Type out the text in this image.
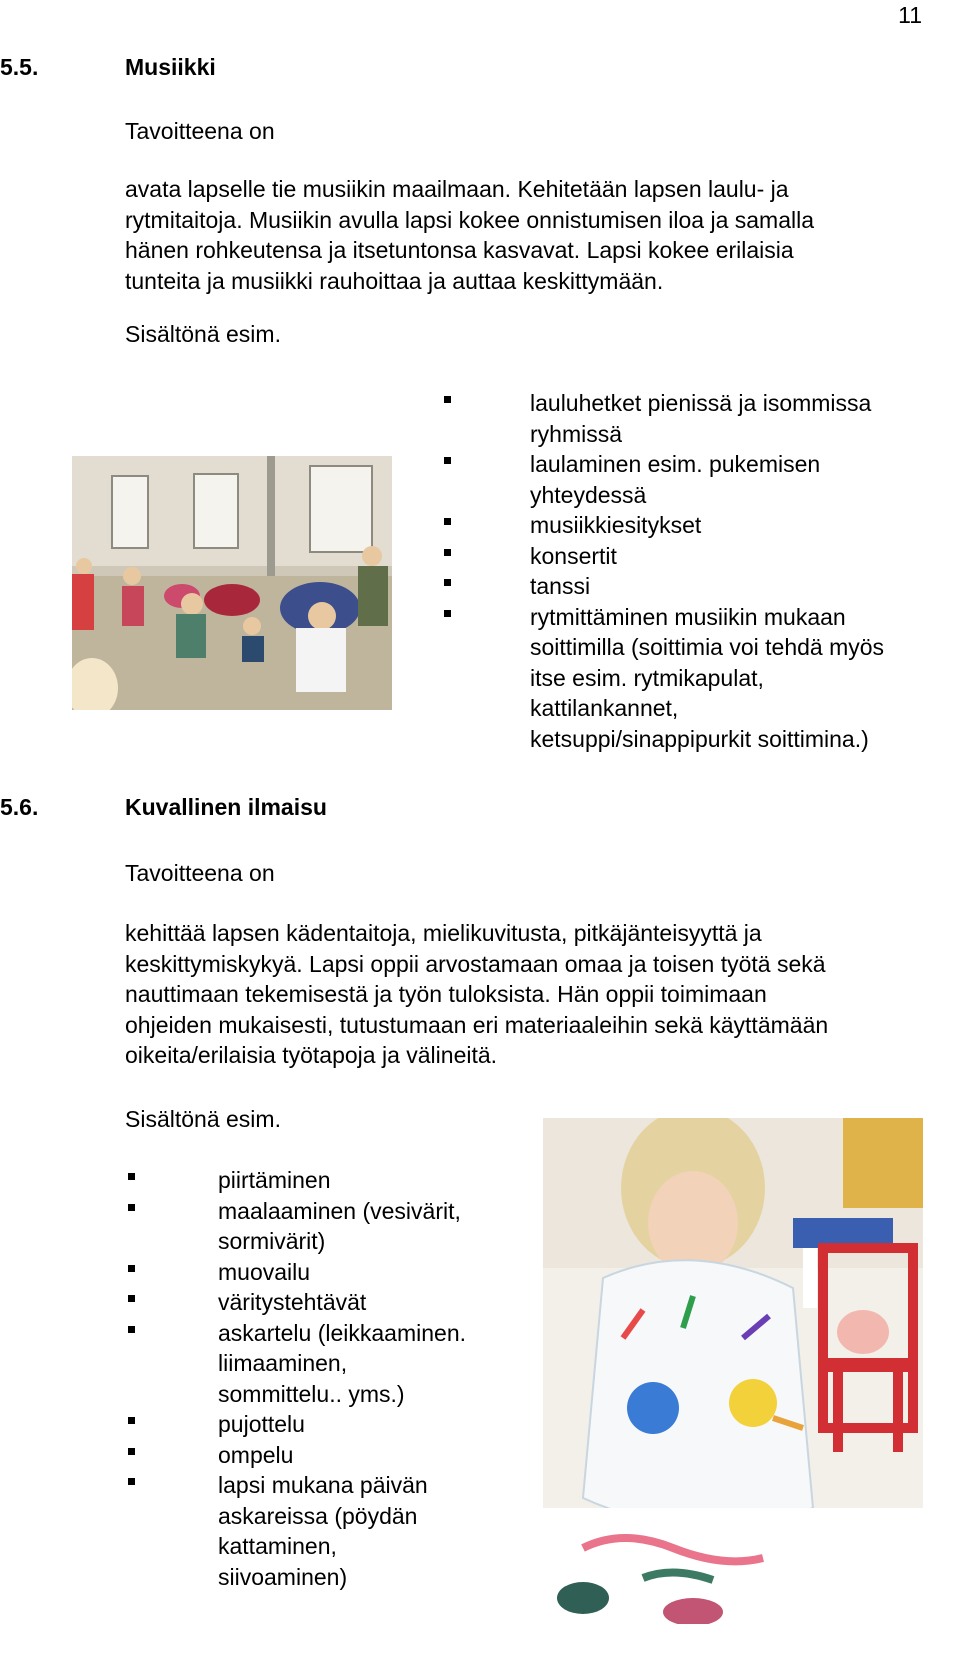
11
5.5.	Musiikki
Tavoitteena on
avata lapselle tie musiikin maailmaan. Kehitetään lapsen laulu- ja
rytmitaitoja. Musiikin avulla lapsi kokee onnistumisen iloa ja samalla
hänen rohkeutensa ja itsetuntonsa kasvavat. Lapsi kokee erilaisia
tunteita ja musiikki rauhoittaa ja auttaa keskittymään.
Sisältönä esim.
lauluhetket pienissä ja isommissa
ryhmissä
laulaminen esim. pukemisen
yhteydessä
musiikkiesitykset
konsertit
tanssi
rytmittäminen musiikin mukaan
soittimilla (soittimia voi tehdä myös
itse esim. rytmikapulat,
kattilankannet,
ketsuppi/sinappipurkit soittimina.)
5.6.	Kuvallinen ilmaisu
Tavoitteena on
kehittää lapsen kädentaitoja, mielikuvitusta, pitkäjänteisyyttä ja
keskittymiskykyä. Lapsi oppii arvostamaan omaa ja toisen työtä sekä
nauttimaan tekemisestä ja työn tuloksista. Hän oppii toimimaan
ohjeiden mukaisesti, tutustumaan eri materiaaleihin sekä käyttämään
oikeita/erilaisia työtapoja ja välineitä.
Sisältönä esim.
piirtäminen
maalaaminen (vesivärit,
sormivärit)
muovailu
väritystehtävät
askartelu (leikkaaminen.
liimaaminen,
sommittelu.. yms.)
pujottelu
ompelu
lapsi mukana päivän
askareissa (pöydän
kattaminen,
siivoaminen)
